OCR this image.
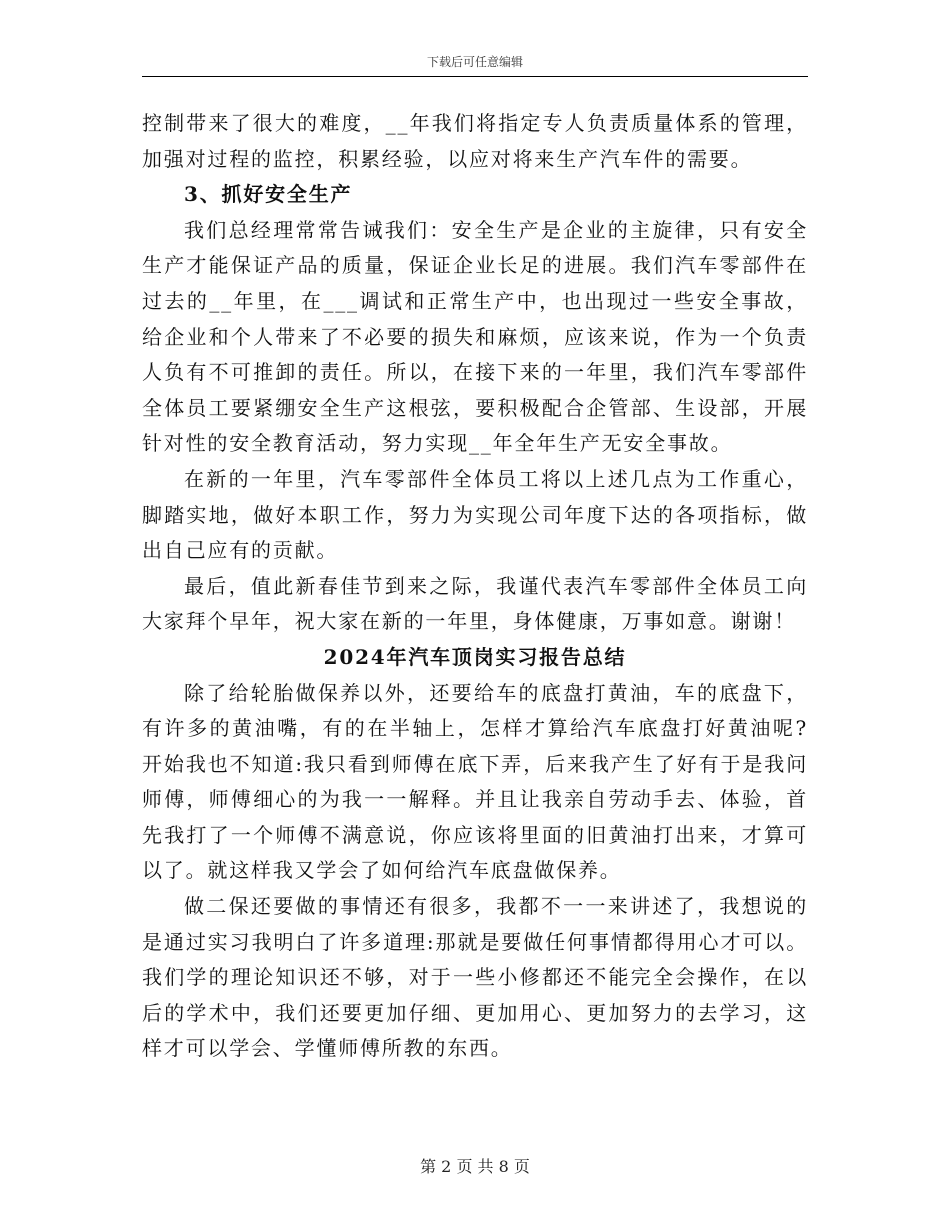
下载后可任意编辑

控制带来了很大的难度，__年我们将指定专人负责质量体系的管理，加强对过程的监控，积累经验，以应对将来生产汽车件的需要。

3、抓好安全生产

我们总经理常常告诫我们：安全生产是企业的主旋律，只有安全生产才能保证产品的质量，保证企业长足的进展。我们汽车零部件在过去的__年里，在___调试和正常生产中，也出现过一些安全事故，给企业和个人带来了不必要的损失和麻烦，应该来说，作为一个负责人负有不可推卸的责任。所以，在接下来的一年里，我们汽车零部件全体员工要紧绷安全生产这根弦，要积极配合企管部、生设部，开展针对性的安全教育活动，努力实现__年全年生产无安全事故。

在新的一年里，汽车零部件全体员工将以上述几点为工作重心，脚踏实地，做好本职工作，努力为实现公司年度下达的各项指标，做出自己应有的贡献。

最后，值此新春佳节到来之际，我谨代表汽车零部件全体员工向大家拜个早年，祝大家在新的一年里，身体健康，万事如意。谢谢！

2024年汽车顶岗实习报告总结

除了给轮胎做保养以外，还要给车的底盘打黄油，车的底盘下，有许多的黄油嘴，有的在半轴上，怎样才算给汽车底盘打好黄油呢?开始我也不知道:我只看到师傅在底下弄，后来我产生了好有于是我问师傅，师傅细心的为我一一解释。并且让我亲自劳动手去、体验，首先我打了一个师傅不满意说，你应该将里面的旧黄油打出来，才算可以了。就这样我又学会了如何给汽车底盘做保养。

做二保还要做的事情还有很多，我都不一一来讲述了，我想说的是通过实习我明白了许多道理:那就是要做任何事情都得用心才可以。我们学的理论知识还不够，对于一些小修都还不能完全会操作，在以后的学术中，我们还要更加仔细、更加用心、更加努力的去学习，这样才可以学会、学懂师傅所教的东西。

第 2 页 共 8 页
